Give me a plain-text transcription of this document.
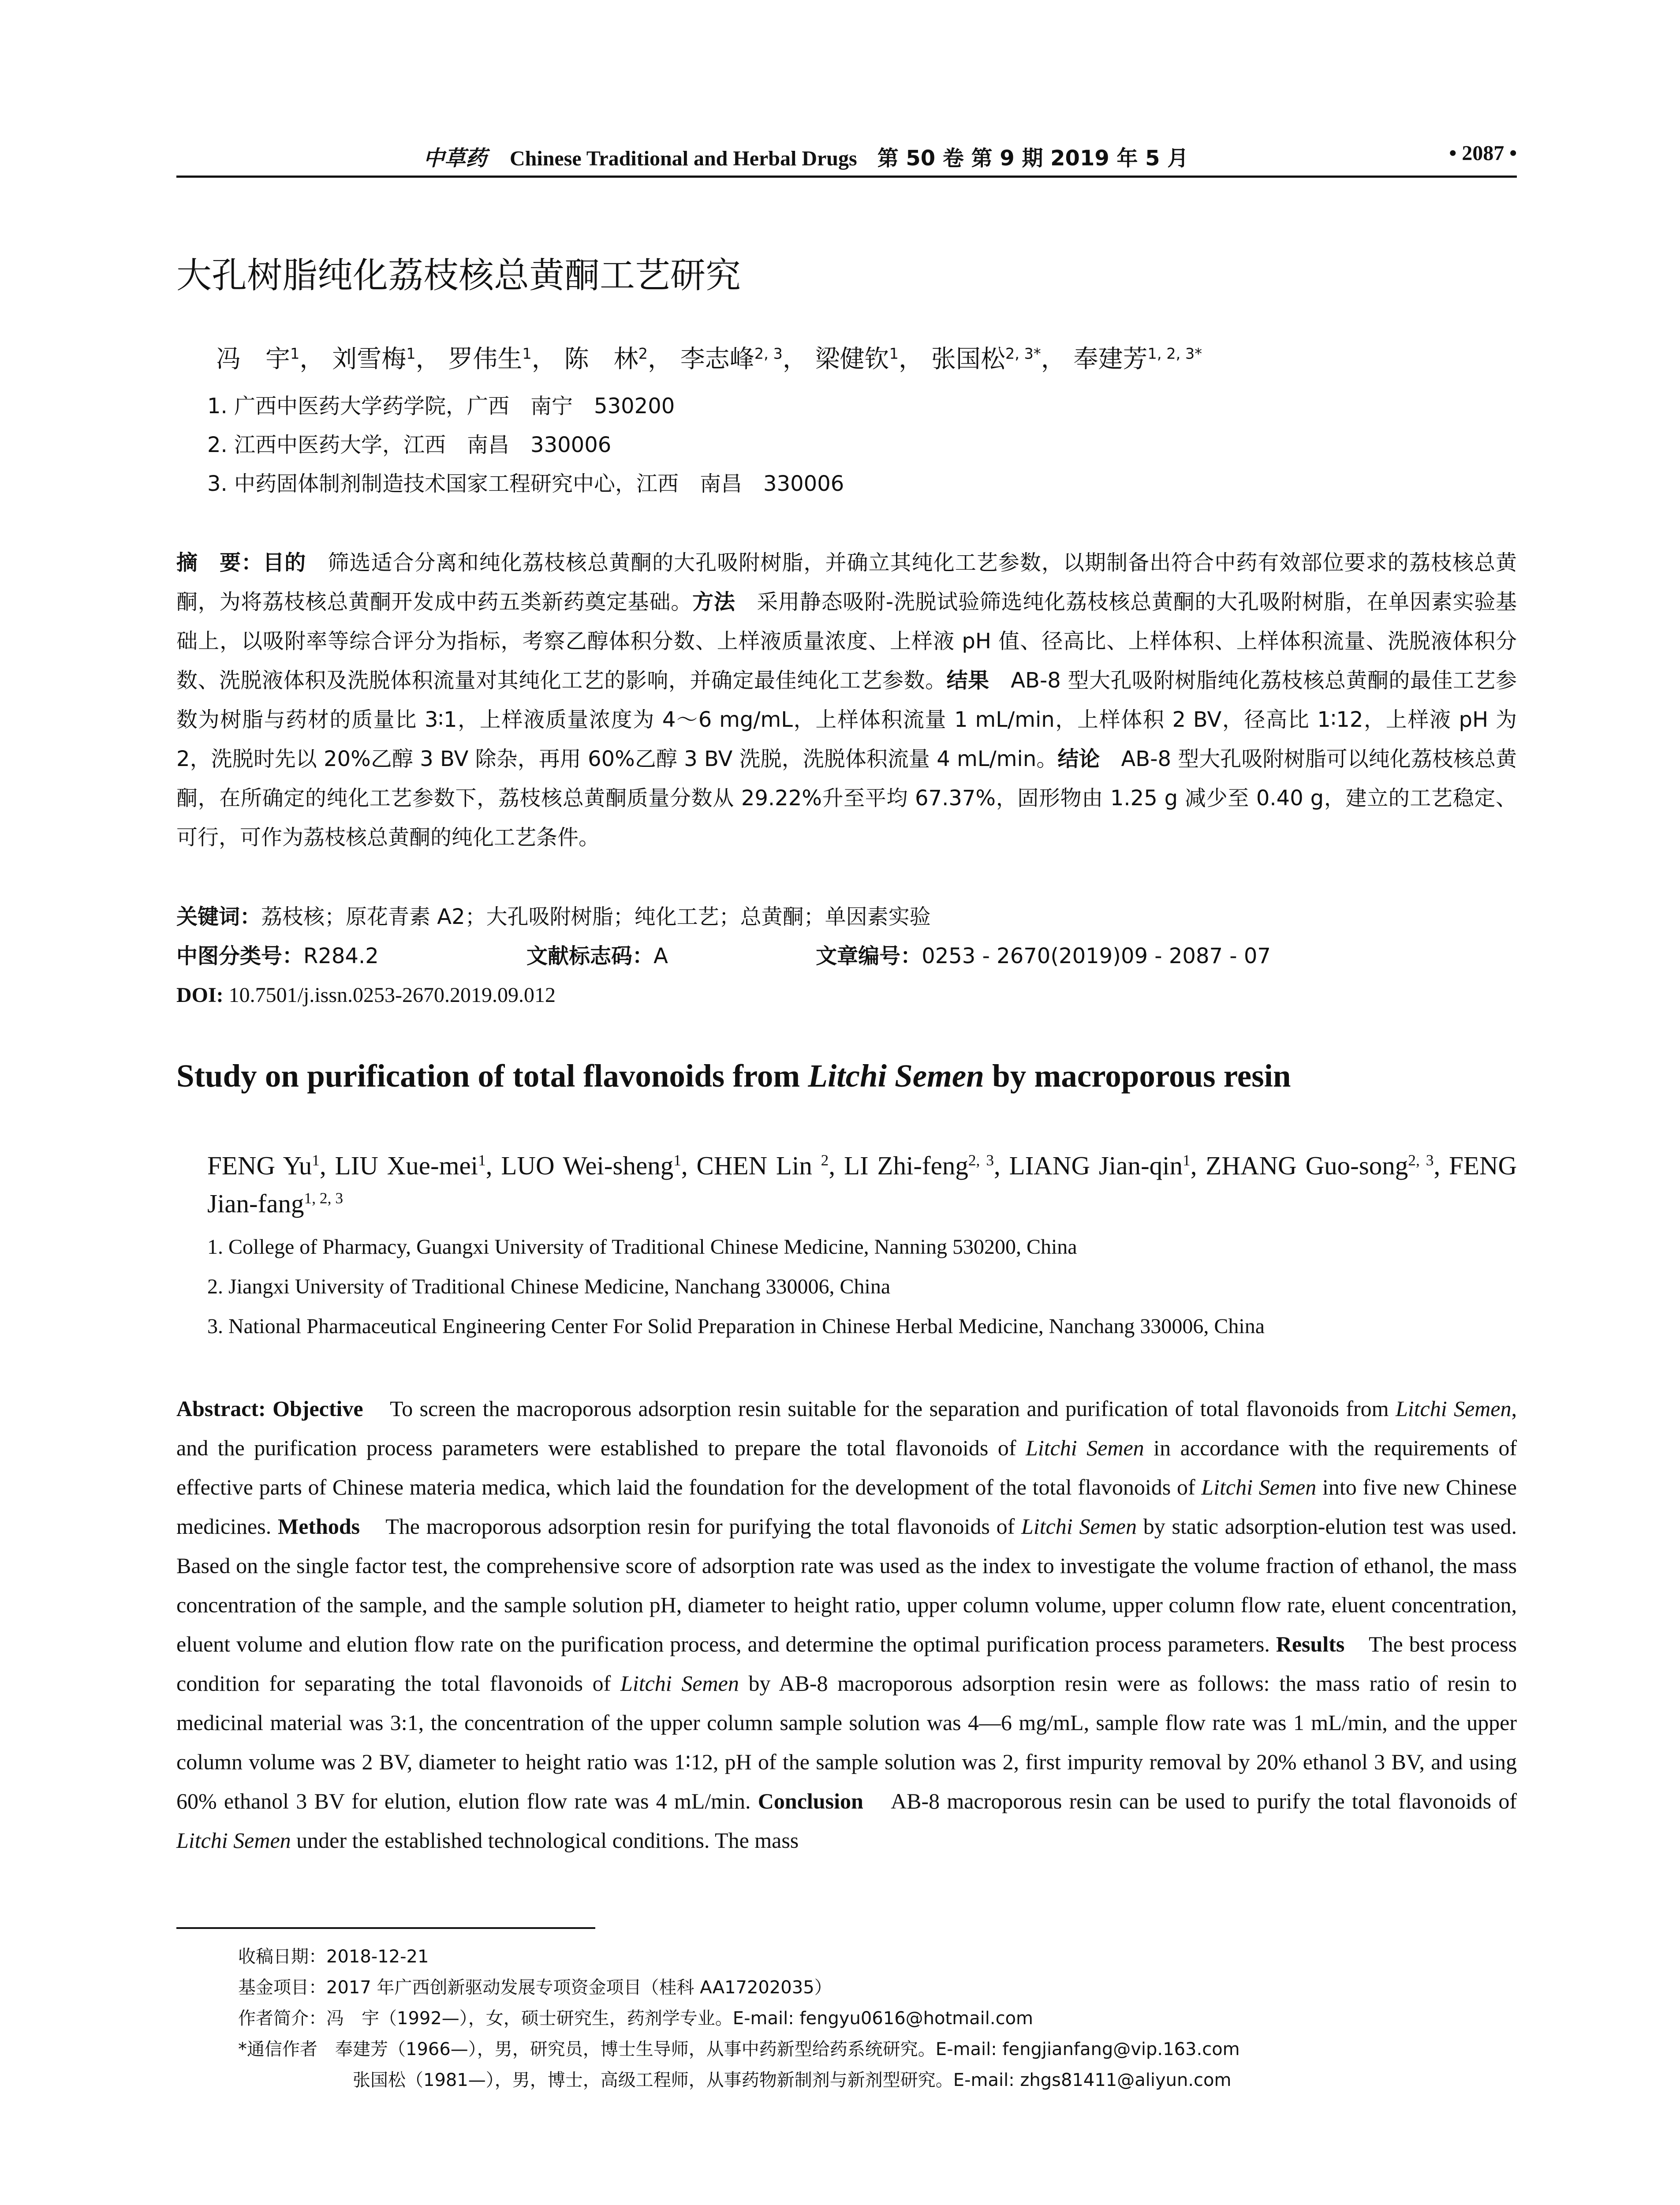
中草药 Chinese Traditional and Herbal Drugs 第 50 卷 第 9 期 2019 年 5 月	• 2087 •
大孔树脂纯化荔枝核总黄酮工艺研究
冯　宇$^1$， 刘雪梅$^1$， 罗伟生$^1$， 陈　林$^2$， 李志峰$^{2, 3}$， 梁健钦$^1$， 张国松$^{2, 3*}$， 奉建芳$^{1, 2, 3*}$
1. 广西中医药大学药学院，广西　南宁　530200
2. 江西中医药大学，江西　南昌　330006
3. 中药固体制剂制造技术国家工程研究中心，江西　南昌　330006
摘　要：目的　筛选适合分离和纯化荔枝核总黄酮的大孔吸附树脂，并确立其纯化工艺参数，以期制备出符合中药有效部位要求的荔枝核总黄酮，为将荔枝核总黄酮开发成中药五类新药奠定基础。方法　采用静态吸附-洗脱试验筛选纯化荔枝核总黄酮的大孔吸附树脂，在单因素实验基础上，以吸附率等综合评分为指标，考察乙醇体积分数、上样液质量浓度、上样液 pH 值、径高比、上样体积、上样体积流量、洗脱液体积分数、洗脱液体积及洗脱体积流量对其纯化工艺的影响，并确定最佳纯化工艺参数。结果　AB-8 型大孔吸附树脂纯化荔枝核总黄酮的最佳工艺参数为树脂与药材的质量比 3∶1，上样液质量浓度为 4～6 mg/mL，上样体积流量 1 mL/min，上样体积 2 BV，径高比 1∶12，上样液 pH 为 2，洗脱时先以 20%乙醇 3 BV 除杂，再用 60%乙醇 3 BV 洗脱，洗脱体积流量 4 mL/min。结论　AB-8 型大孔吸附树脂可以纯化荔枝核总黄酮，在所确定的纯化工艺参数下，荔枝核总黄酮质量分数从 29.22%升至平均 67.37%，固形物由 1.25 g 减少至 0.40 g，建立的工艺稳定、可行，可作为荔枝核总黄酮的纯化工艺条件。
关键词：荔枝核；原花青素 A2；大孔吸附树脂；纯化工艺；总黄酮；单因素实验
中图分类号：R284.2	文献标志码：A	文章编号：0253 - 2670(2019)09 - 2087 - 07
DOI: 10.7501/j.issn.0253-2670.2019.09.012
Study on purification of total flavonoids from Litchi Semen by macroporous resin
FENG Yu$^1$, LIU Xue-mei$^1$, LUO Wei-sheng$^1$, CHEN Lin $^2$, LI Zhi-feng$^{2, 3}$, LIANG Jian-qin$^1$, ZHANG Guo-song$^{2, 3}$, FENG Jian-fang$^{1, 2, 3}$
1. College of Pharmacy, Guangxi University of Traditional Chinese Medicine, Nanning 530200, China
2. Jiangxi University of Traditional Chinese Medicine, Nanchang 330006, China
3. National Pharmaceutical Engineering Center For Solid Preparation in Chinese Herbal Medicine, Nanchang 330006, China
Abstract: Objective To screen the macroporous adsorption resin suitable for the separation and purification of total flavonoids from Litchi Semen, and the purification process parameters were established to prepare the total flavonoids of Litchi Semen in accordance with the requirements of effective parts of Chinese materia medica, which laid the foundation for the development of the total flavonoids of Litchi Semen into five new Chinese medicines. Methods The macroporous adsorption resin for purifying the total flavonoids of Litchi Semen by static adsorption-elution test was used. Based on the single factor test, the comprehensive score of adsorption rate was used as the index to investigate the volume fraction of ethanol, the mass concentration of the sample, and the sample solution pH, diameter to height ratio, upper column volume, upper column flow rate, eluent concentration, eluent volume and elution flow rate on the purification process, and determine the optimal purification process parameters. Results The best process condition for separating the total flavonoids of Litchi Semen by AB-8 macroporous adsorption resin were as follows: the mass ratio of resin to medicinal material was 3:1, the concentration of the upper column sample solution was 4—6 mg/mL, sample flow rate was 1 mL/min, and the upper column volume was 2 BV, diameter to height ratio was 1∶12, pH of the sample solution was 2, first impurity removal by 20% ethanol 3 BV, and using 60% ethanol 3 BV for elution, elution flow rate was 4 mL/min. Conclusion AB-8 macroporous resin can be used to purify the total flavonoids of Litchi Semen under the established technological conditions. The mass
收稿日期：2018-12-21
基金项目：2017 年广西创新驱动发展专项资金项目（桂科 AA17202035）
作者简介：冯　宇（1992—），女，硕士研究生，药剂学专业。E-mail: fengyu0616@hotmail.com
*通信作者　奉建芳（1966—），男，研究员，博士生导师，从事中药新型给药系统研究。E-mail: fengjianfang@vip.163.com
张国松（1981—），男，博士，高级工程师，从事药物新制剂与新剂型研究。E-mail: zhgs81411@aliyun.com
